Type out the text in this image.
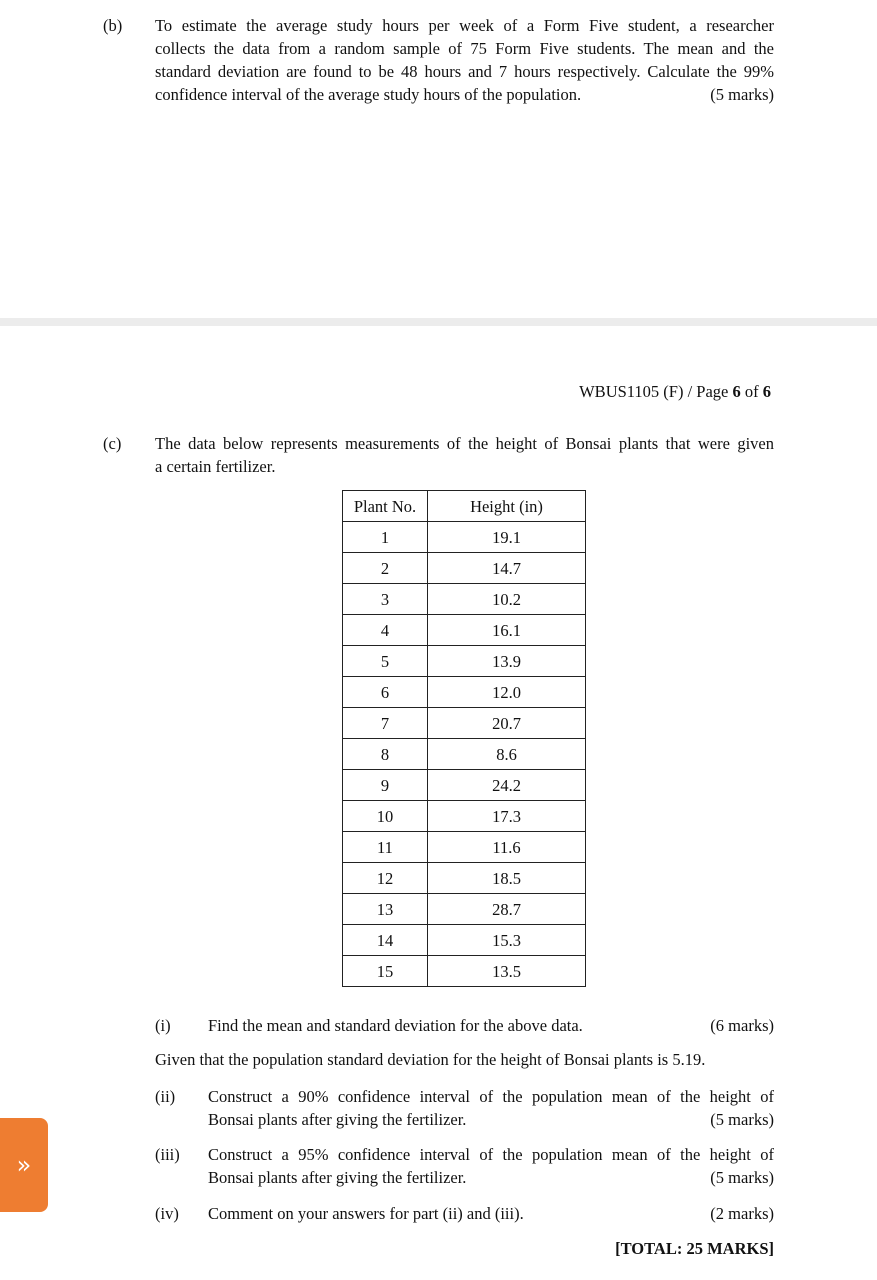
(b) To estimate the average study hours per week of a Form Five student, a researcher
collects the data from a random sample of 75 Form Five students. The mean and the
standard deviation are found to be 48 hours and 7 hours respectively. Calculate the 99%
confidence interval of the average study hours of the population.	(5 marks)
WBUS1105 (F) / Page 6 of 6
(c) The data below represents measurements of the height of Bonsai plants that were given
a certain fertilizer.
Plant No.	Height (in)
1	19.1
2	14.7
3	10.2
4	16.1
5	13.9
6	12.0
7	20.7
8	8.6
9	24.2
10	17.3
11	11.6
12	18.5
13	28.7
14	15.3
15	13.5
(i) Find the mean and standard deviation for the above data.	(6 marks)
Given that the population standard deviation for the height of Bonsai plants is 5.19.
(ii) Construct a 90% confidence interval of the population mean of the height of
Bonsai plants after giving the fertilizer.	(5 marks)
(iii) Construct a 95% confidence interval of the population mean of the height of
Bonsai plants after giving the fertilizer.	(5 marks)
(iv) Comment on your answers for part (ii) and (iii).	(2 marks)
[TOTAL: 25 MARKS]
»
